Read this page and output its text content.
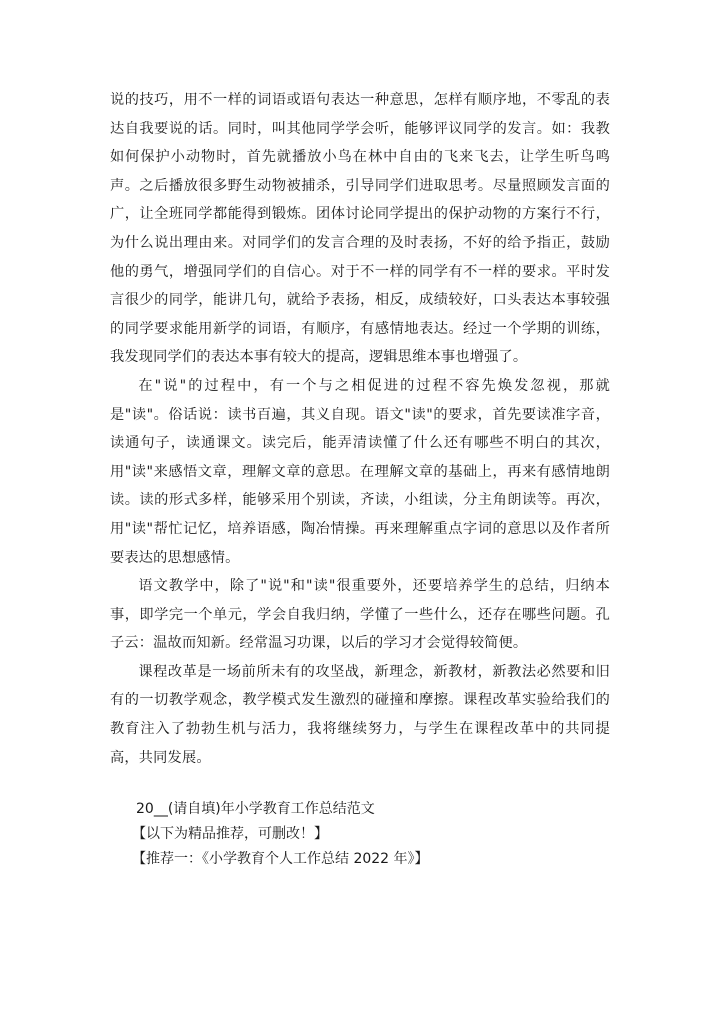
说的技巧，用不一样的词语或语句表达一种意思，怎样有顺序地，不零乱的表达自我要说的话。同时，叫其他同学学会听，能够评议同学的发言。如：我教如何保护小动物时，首先就播放小鸟在林中自由的飞来飞去，让学生听鸟鸣声。之后播放很多野生动物被捕杀，引导同学们进取思考。尽量照顾发言面的广，让全班同学都能得到锻炼。团体讨论同学提出的保护动物的方案行不行，为什么说出理由来。对同学们的发言合理的及时表扬，不好的给予指正，鼓励他的勇气，增强同学们的自信心。对于不一样的同学有不一样的要求。平时发言很少的同学，能讲几句，就给予表扬，相反，成绩较好，口头表达本事较强的同学要求能用新学的词语，有顺序，有感情地表达。经过一个学期的训练，我发现同学们的表达本事有较大的提高，逻辑思维本事也增强了。

在"说"的过程中，有一个与之相促进的过程不容先焕发忽视，那就是"读"。俗话说：读书百遍，其义自现。语文"读"的要求，首先要读准字音，读通句子，读通课文。读完后，能弄清读懂了什么还有哪些不明白的其次，用"读"来感悟文章，理解文章的意思。在理解文章的基础上，再来有感情地朗读。读的形式多样，能够采用个别读，齐读，小组读，分主角朗读等。再次，用"读"帮忙记忆，培养语感，陶冶情操。再来理解重点字词的意思以及作者所要表达的思想感情。

语文教学中，除了"说"和"读"很重要外，还要培养学生的总结，归纳本事，即学完一个单元，学会自我归纳，学懂了一些什么，还存在哪些问题。孔子云：温故而知新。经常温习功课，以后的学习才会觉得较简便。

课程改革是一场前所未有的攻坚战，新理念，新教材，新教法必然要和旧有的一切教学观念，教学模式发生激烈的碰撞和摩擦。课程改革实验给我们的教育注入了勃勃生机与活力，我将继续努力，与学生在课程改革中的共同提高，共同发展。

20__(请自填)年小学教育工作总结范文
【以下为精品推荐，可删改！】
【推荐一：《小学教育个人工作总结 2022 年》】
